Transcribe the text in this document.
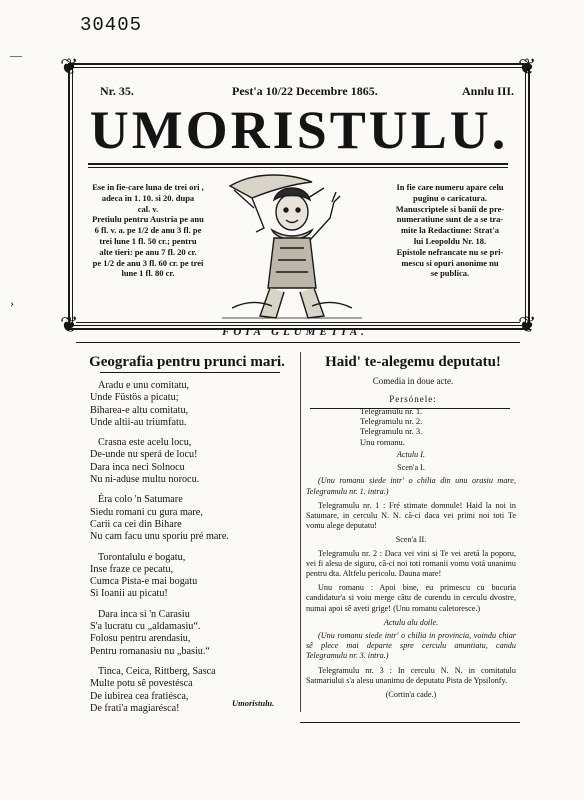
30405
—
›
❦	❦
❦	❦
Nr. 35.	Pest'a 10/22 Decembre 1865.	Annlu III.
UMORISTULU.

Ese in fie-care luna de trei ori ,

adeca in 1. 10. si 20. dupa

cal. v.

Pretiulu pentru Austria pe anu

6 fl. v. a. pe 1/2 de anu 3 fl. pe

trei lune 1 fl. 50 cr.; pentru

alte tieri: pe anu 7 fl. 20 cr.

pe 1/2 de anu 3 fl. 60 cr. pe trei

lune 1 fl. 80 cr.

In fie care numeru apare celu

puginu o caricatura.

Manuscriptele si banii de pre-

numeratiune sunt de a se tra-

mite la Redactiune: Strat'a

lui Leopoldu Nr. 18.

Epistole nefrancate nu se pri-

mescu si opuri anonime nu

se publica.

FOIA GLUMETIA.
Geografia pentru prunci mari.
Aradu e unu comitatu,
Unde Füstös a picatu;
Biharea-e altu comitatu,
Unde altii-au triumfatu.
Crasna este acelu locu,
De-unde nu sperá de locu!
Dara inca neci Solnocu
Nu ni-aduse multu norocu.
Éra colo 'n Satumare
Siedu romani cu gura mare,
Carii ca cei din Bihare
Nu cam facu unu sporiu pré mare.
Torontalulu e bogatu,
Inse fraze ce pecatu,
Cumca Pista-e mai bogatu
Si Ioanii au picatu!
Dara inca si 'n Carasiu
S'a lucratu cu „aldamasiu“.
Folosu pentru arendasiu,
Pentru romanasiu nu „basiu.“
Tinca, Ceica, Rittberg, Sasca
Multe potu sê povestésca
De iubirea cea fratiésca,
De frati'a magiarésca!	Umoristulu.
Haid' te-alegemu deputatu!
Comedia in doue acte.
Persónele:
Telegramulu nr. 1.
Telegramulu nr. 2.
Telegramulu nr. 3.
Unu romanu.
Actulu I.
Scen'a I.

(Unu romanu siede intr' o chilia din unu orasiu mare, Telegramulu nr. 1. intra.)

Telegramulu nr. 1 : Fré stimate domnule! Haid la noi in Satumare, in cerculu N. N. cã-ci daca vei primi noi toti Te vomu alege deputatu!

Scen'a II.

Telegramulu nr. 2 : Daca vei vini si Te vei aretá la poporu, vei fi alesu de siguru, cã-ci noi toti romanii vomu votá unanimu pentru dta. Altfelu pericolu. Dauna mare!

Unu romanu : Apoi bine, eu primescu cu bucuria candidatur'a si voiu merge cãtu de curendu in cerculu dvostre, numai apoi sê aveti grige! (Unu romanu caletoresce.)

Actulu alu doile.

(Unu romanu siede intr' o chilia in provincia, voindu chiar sê plece mai departe spre cerculu anuntiatu, candu Telegramulu nr. 3. intra.)

Telegramulu nr. 3 : In cerculu N. N. in comitatulu Satmariului s'a alesu unanimu de deputatu Pista de Ypsilonfy.

(Cortin'a cade.)
